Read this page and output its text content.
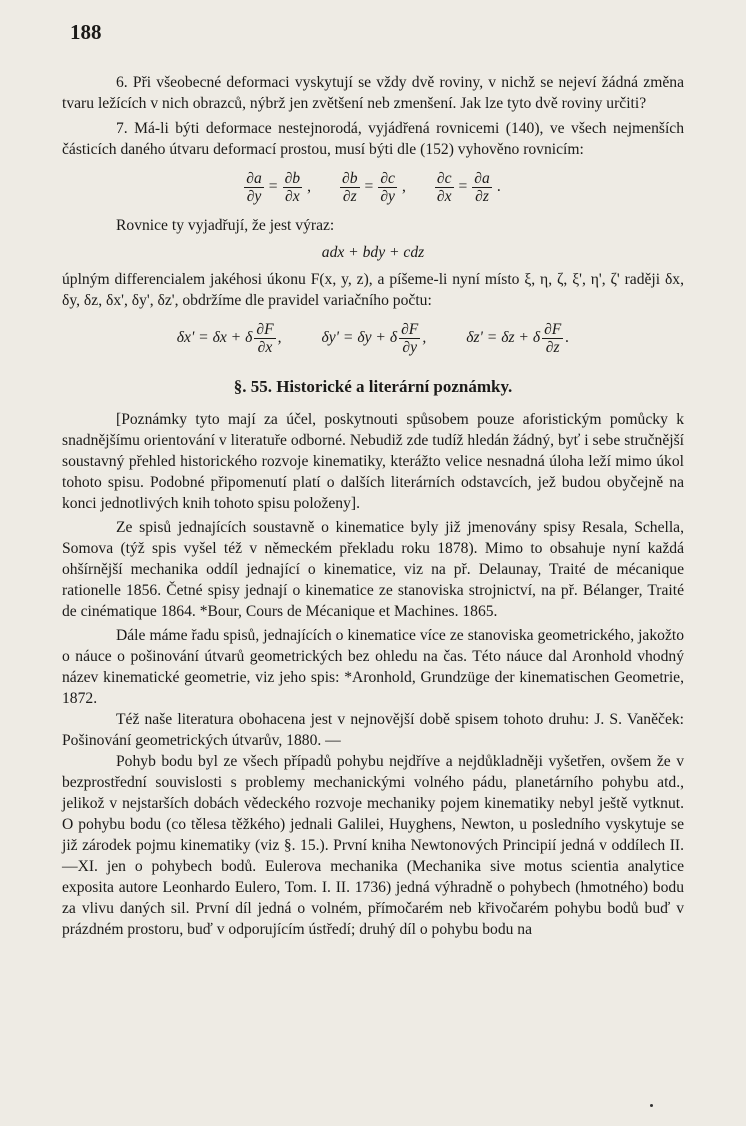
188

6. Při všeobecné deformaci vyskytují se vždy dvě roviny, v nichž se nejeví žádná změna tvaru ležících v nich obrazců, nýbrž jen zvětšení neb zmenšení. Jak lze tyto dvě roviny určiti?

7. Má-li býti deformace nestejnorodá, vyjádřená rovnicemi (140), ve všech nejmenších částicích daného útvaru deformací prostou, musí býti dle (152) vyhověno rovnicím:

$\frac{\partial a}{\partial y} = \frac{\partial b}{\partial x}$ , $\frac{\partial b}{\partial z} = \frac{\partial c}{\partial y}$ , $\frac{\partial c}{\partial x} = \frac{\partial a}{\partial z}$ .

Rovnice ty vyjadřují, že jest výraz:

adx + bdy + cdz

úplným differencialem jakéhosi úkonu F(x, y, z), a píšeme-li nyní místo ξ, η, ζ, ξ', η', ζ' raději δx, δy, δz, δx', δy', δz', obdržíme dle pravidel variačního počtu:

δx' = δx + δ $\frac{\partial F}{\partial x}$ ,	δy' = δy + δ $\frac{\partial F}{\partial y}$ ,	δz' = δz + δ $\frac{\partial F}{\partial z}$ .
§. 55. Historické a literární poznámky.

[Poznámky tyto mají za účel, poskytnouti spůsobem pouze aforistickým pomůcky k snadnějšímu orientování v literatuře odborné. Nebudiž zde tudíž hledán žádný, byť i sebe stručnější soustavný přehled historického rozvoje kinematiky, kterážto velice nesnadná úloha leží mimo úkol tohoto spisu. Podobné připomenutí platí o dalších literárních odstavcích, jež budou obyčejně na konci jednotlivých knih tohoto spisu položeny].

Ze spisů jednajících soustavně o kinematice byly již jmenovány spisy Resala, Schella, Somova (týž spis vyšel též v německém překladu roku 1878). Mimo to obsahuje nyní každá ohšírnější mechanika oddíl jednající o kinematice, viz na př. Delaunay, Traité de mécanique rationelle 1856. Četné spisy jednají o kinematice ze stanoviska strojnictví, na př. Bélanger, Traité de cinématique 1864. *Bour, Cours de Mécanique et Machines. 1865.

Dále máme řadu spisů, jednajících o kinematice více ze stanoviska geometrického, jakožto o náuce o pošinování útvarů geometrických bez ohledu na čas. Této náuce dal Aronhold vhodný název kinematické geometrie, viz jeho spis: *Aronhold, Grundzüge der kinematischen Geometrie, 1872.

Též naše literatura obohacena jest v nejnovější době spisem tohoto druhu: J. S. Vaněček: Pošinování geometrických útvarův, 1880. —

Pohyb bodu byl ze všech případů pohybu nejdříve a nejdůkladněji vyšetřen, ovšem že v bezprostřední souvislosti s problemy mechanickými volného pádu, planetárního pohybu atd., jelikož v nejstarších dobách vědeckého rozvoje mechaniky pojem kinematiky nebyl ještě vytknut. O pohybu bodu (co tělesa těžkého) jednali Galilei, Huyghens, Newton, u posledního vyskytuje se již zárodek pojmu kinematiky (viz §. 15.). První kniha Newtonových Principií jedná v oddílech II.—XI. jen o pohybech bodů. Eulerova mechanika (Mechanika sive motus scientia analytice exposita autore Leonhardo Eulero, Tom. I. II. 1736) jedná výhradně o pohybech (hmotného) bodu za vlivu daných sil. První díl jedná o volném, přímočarém neb křivočarém pohybu bodů buď v prázdném prostoru, buď v odporujícím ústředí; druhý díl o pohybu bodu na
